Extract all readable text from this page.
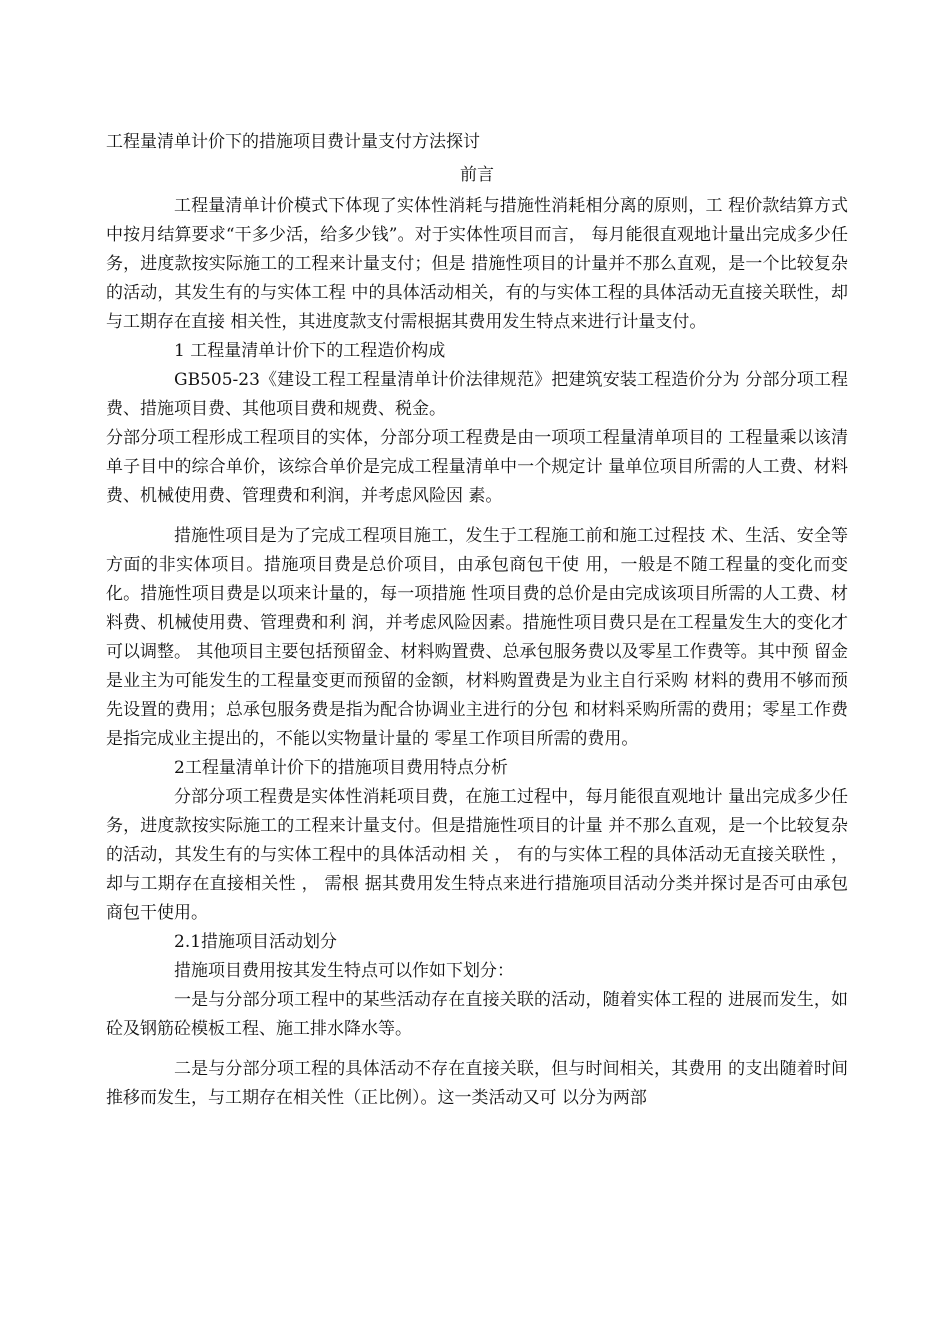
工程量清单计价下的措施项目费计量支付方法探讨
前言

工程量清单计价模式下体现了实体性消耗与措施性消耗相分离的原则，工 程价款结算方式中按月结算要求“干多少活，给多少钱”。对于实体性项目而言， 每月能很直观地计量出完成多少任务，进度款按实际施工的工程来计量支付；但是 措施性项目的计量并不那么直观，是一个比较复杂的活动，其发生有的与实体工程 中的具体活动相关，有的与实体工程的具体活动无直接关联性，却与工期存在直接 相关性，其进度款支付需根据其费用发生特点来进行计量支付。

1 工程量清单计价下的工程造价构成

GB505-23《建设工程工程量清单计价法律规范》把建筑安装工程造价分为 分部分项工程费、措施项目费、其他项目费和规费、税金。

分部分项工程形成工程项目的实体，分部分项工程费是由一项项工程量清单项目的 工程量乘以该清单子目中的综合单价，该综合单价是完成工程量清单中一个规定计 量单位项目所需的人工费、材料费、机械使用费、管理费和利润，并考虑风险因 素。

措施性项目是为了完成工程项目施工，发生于工程施工前和施工过程技 术、生活、安全等方面的非实体项目。措施项目费是总价项目，由承包商包干使 用，一般是不随工程量的变化而变化。措施性项目费是以项来计量的，每一项措施 性项目费的总价是由完成该项目所需的人工费、材料费、机械使用费、管理费和利 润，并考虑风险因素。措施性项目费只是在工程量发生大的变化才可以调整。 其他项目主要包括预留金、材料购置费、总承包服务费以及零星工作费等。其中预 留金是业主为可能发生的工程量变更而预留的金额，材料购置费是为业主自行采购 材料的费用不够而预先设置的费用；总承包服务费是指为配合协调业主进行的分包 和材料采购所需的费用；零星工作费是指完成业主提出的，不能以实物量计量的 零星工作项目所需的费用。

2工程量清单计价下的措施项目费用特点分析

分部分项工程费是实体性消耗项目费，在施工过程中，每月能很直观地计 量出完成多少任务，进度款按实际施工的工程来计量支付。但是措施性项目的计量 并不那么直观，是一个比较复杂的活动，其发生有的与实体工程中的具体活动相 关 ， 有的与实体工程的具体活动无直接关联性 ， 却与工期存在直接相关性 ， 需根 据其费用发生特点来进行措施项目活动分类并探讨是否可由承包商包干使用。

2.1措施项目活动划分

措施项目费用按其发生特点可以作如下划分：

一是与分部分项工程中的某些活动存在直接关联的活动，随着实体工程的 进展而发生，如砼及钢筋砼模板工程、施工排水降水等。

二是与分部分项工程的具体活动不存在直接关联，但与时间相关，其费用 的支出随着时间推移而发生，与工期存在相关性（正比例）。这一类活动又可 以分为两部
